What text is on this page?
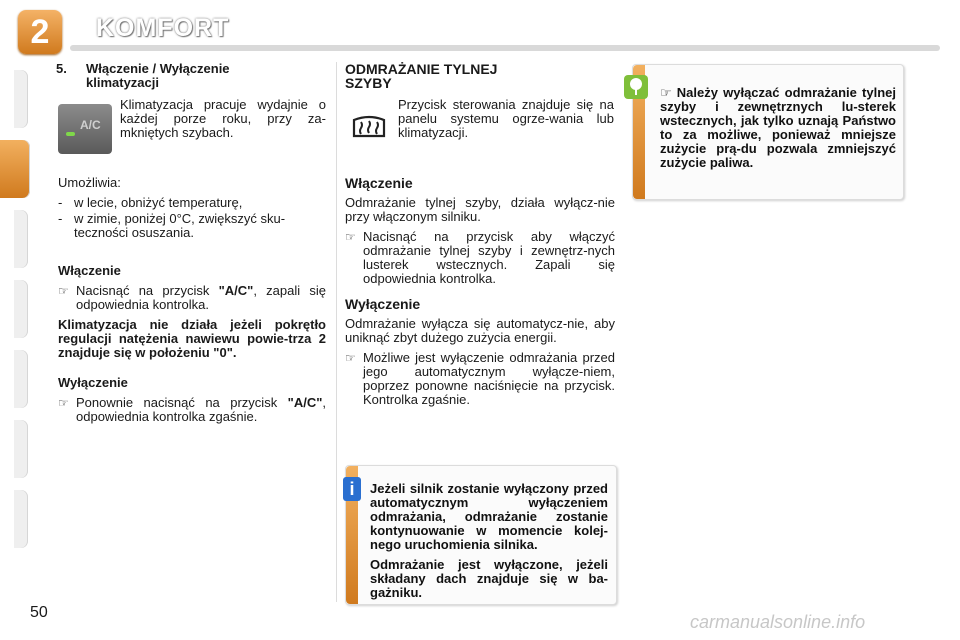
2	KOMFORT
5. Włączenie / Wyłączenie
klimatyzacji
A/C
Klimatyzacja pracuje wydajnie o każdej porze roku, przy za-mkniętych szybach.

Umożliwia:

- w lecie, obniżyć temperaturę,
- w zimie, poniżej 0°C, zwiększyć sku-teczności osuszania.

Włączenie

☞ Nacisnąć na przycisk "A/C", zapali się odpowiednia kontrolka.

Klimatyzacja nie działa jeżeli pokrętło regulacji natężenia nawiewu powie-trza 2 znajduje się w położeniu "0".

Wyłączenie

☞ Ponownie nacisnąć na przycisk "A/C", odpowiednia kontrolka zgaśnie.
ODMRAŻANIE TYLNEJ
SZYBY
Przycisk sterowania znajduje się na panelu systemu ogrze-wania lub klimatyzacji.

Włączenie

Odmrażanie tylnej szyby, działa wyłącz-nie przy włączonym silniku.

☞ Nacisnąć na przycisk aby włączyć odmrażanie tylnej szyby i zewnętrz-nych lusterek wstecznych. Zapali się odpowiednia kontrolka.

Wyłączenie

Odmrażanie wyłącza się automatycz-nie, aby uniknąć zbyt dużego zużycia energii.

☞ Możliwe jest wyłączenie odmrażania przed jego automatycznym wyłącze-niem, poprzez ponowne naciśnięcie na przycisk. Kontrolka zgaśnie.
i	Jeżeli silnik zostanie wyłączony przed automatycznym wyłączeniem odmrażania, odmrażanie zostanie kontynuowanie w momencie kolej-nego uruchomienia silnika.

Odmrażanie jest wyłączone, jeżeli składany dach znajduje się w ba-gażniku.

☞ Należy wyłączać odmrażanie tylnej szyby i zewnętrznych lu-sterek wstecznych, jak tylko uznają Państwo to za możliwe, ponieważ mniejsze zużycie prą-du pozwala zmniejszyć zużycie paliwa.
50	carmanualsonline.info
